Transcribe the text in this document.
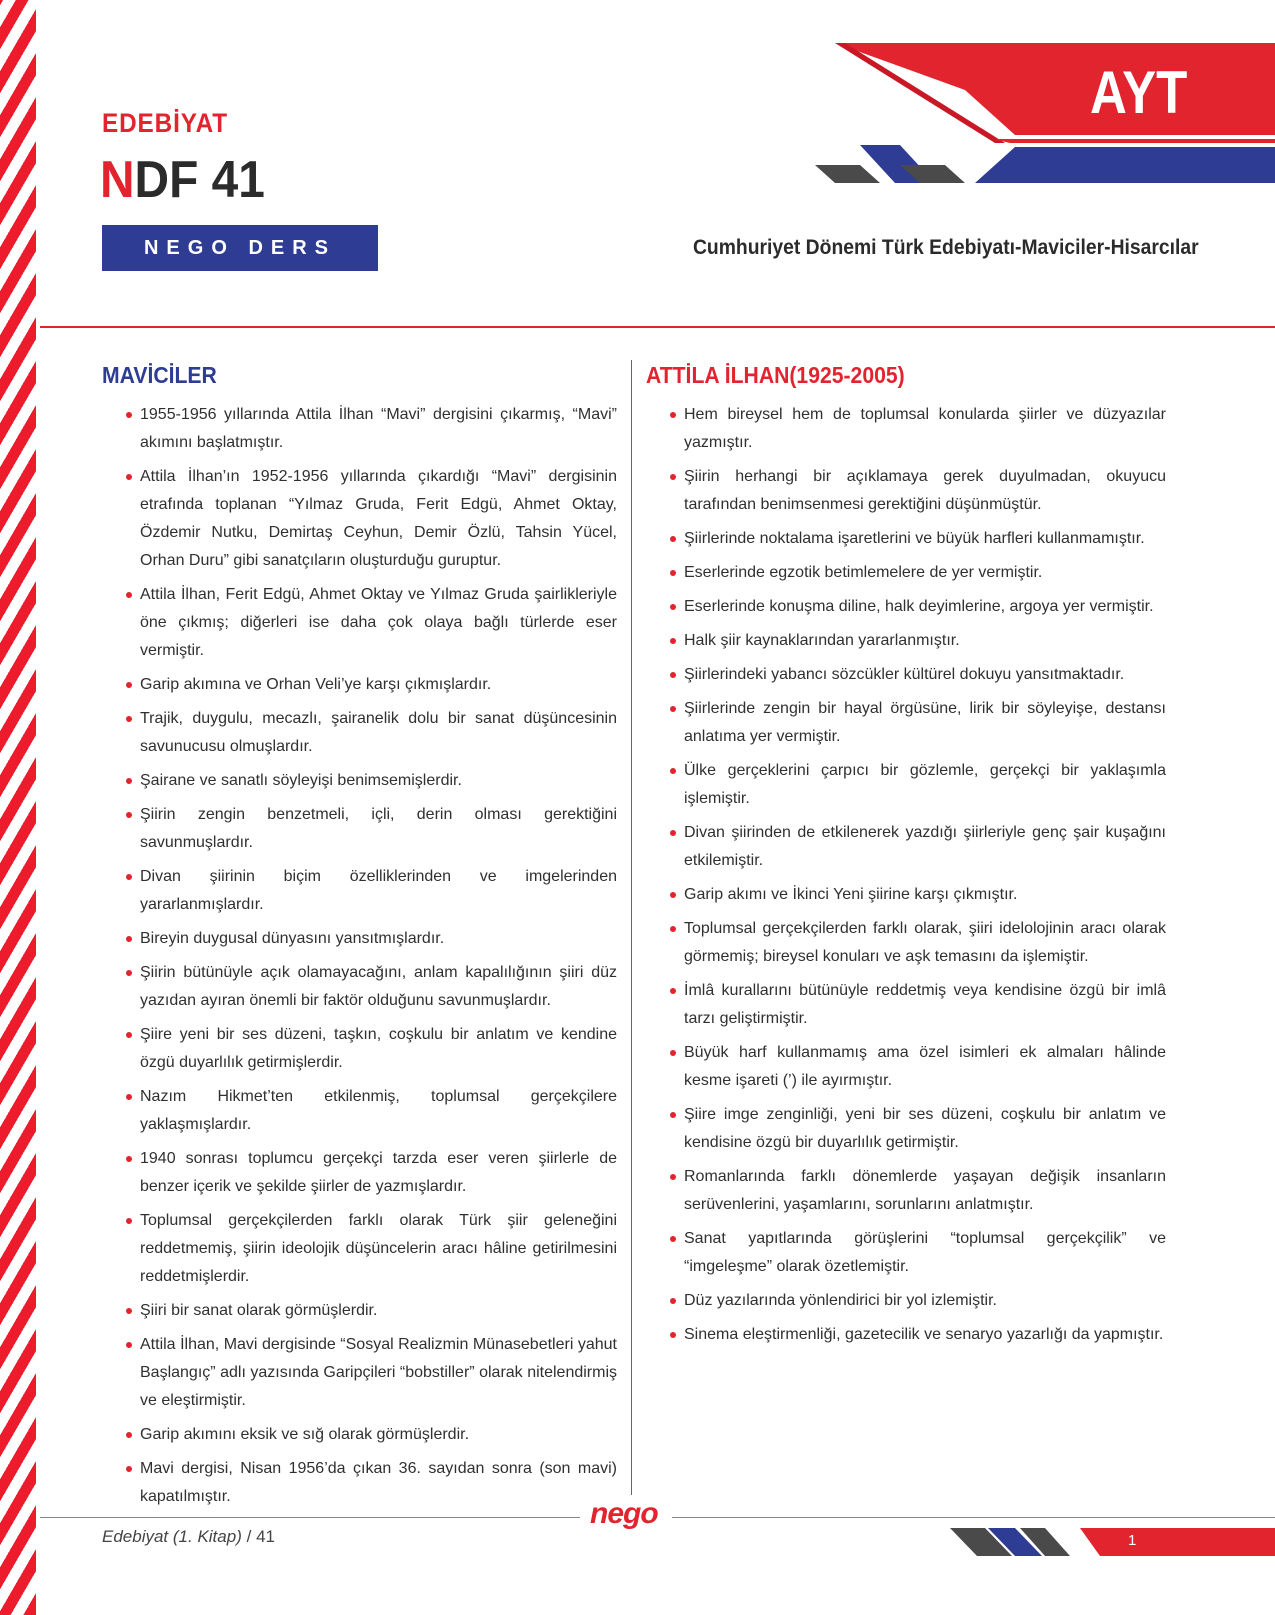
EDEBİYAT
NDF 41
NEGO DERS FÖYÜ
AYT
Cumhuriyet Dönemi Türk Edebiyatı-Maviciler-Hisarcılar
MAVİCİLER
1955-1956 yıllarında Attila İlhan “Mavi” dergisini çıkarmış, “Mavi” akımını başlatmıştır.
Attila İlhan’ın 1952-1956 yıllarında çıkardığı “Mavi” dergisinin etrafında toplanan “Yılmaz Gruda, Ferit Edgü, Ahmet Oktay, Özdemir Nutku, Demirtaş Ceyhun, Demir Özlü, Tahsin Yücel, Orhan Duru” gibi sanatçıların oluşturduğu guruptur.
Attila İlhan, Ferit Edgü, Ahmet Oktay ve Yılmaz Gruda şairlikleriyle öne çıkmış; diğerleri ise daha çok olaya bağlı türlerde eser vermiştir.
Garip akımına ve Orhan Veli’ye karşı çıkmışlardır.
Trajik, duygulu, mecazlı, şairanelik dolu bir sanat düşüncesinin savunucusu olmuşlardır.
Şairane ve sanatlı söyleyişi benimsemişlerdir.
Şiirin zengin benzetmeli, içli, derin olması gerektiğini savunmuşlardır.
Divan şiirinin biçim özelliklerinden ve imgelerinden yararlanmışlardır.
Bireyin duygusal dünyasını yansıtmışlardır.
Şiirin bütünüyle açık olamayacağını, anlam kapalılığının şiiri düz yazıdan ayıran önemli bir faktör olduğunu savunmuşlardır.
Şiire yeni bir ses düzeni, taşkın, coşkulu bir anlatım ve kendine özgü duyarlılık getirmişlerdir.
Nazım Hikmet’ten etkilenmiş, toplumsal gerçekçilere yaklaşmışlardır.
1940 sonrası toplumcu gerçekçi tarzda eser veren şiirlerle de benzer içerik ve şekilde şiirler de yazmışlardır.
Toplumsal gerçekçilerden farklı olarak Türk şiir geleneğini reddetmemiş, şiirin ideolojik düşüncelerin aracı hâline getirilmesini reddetmişlerdir.
Şiiri bir sanat olarak görmüşlerdir.
Attila İlhan, Mavi dergisinde “Sosyal Realizmin Münasebetleri yahut Başlangıç” adlı yazısında Garipçileri “bobstiller” olarak nitelendirmiş ve eleştirmiştir.
Garip akımını eksik ve sığ olarak görmüşlerdir.
Mavi dergisi, Nisan 1956’da çıkan 36. sayıdan sonra (son mavi) kapatılmıştır.
ATTİLA İLHAN(1925-2005)
Hem bireysel hem de toplumsal konularda şiirler ve düzyazılar yazmıştır.
Şiirin herhangi bir açıklamaya gerek duyulmadan, okuyucu tarafından benimsenmesi gerektiğini düşünmüştür.
Şiirlerinde noktalama işaretlerini ve büyük harfleri kullanmamıştır.
Eserlerinde egzotik betimlemelere de yer vermiştir.
Eserlerinde konuşma diline, halk deyimlerine, argoya yer vermiştir.
Halk şiir kaynaklarından yararlanmıştır.
Şiirlerindeki yabancı sözcükler kültürel dokuyu yansıtmaktadır.
Şiirlerinde zengin bir hayal örgüsüne, lirik bir söyleyişe, destansı anlatıma yer vermiştir.
Ülke gerçeklerini çarpıcı bir gözlemle, gerçekçi bir yaklaşımla işlemiştir.
Divan şiirinden de etkilenerek yazdığı şiirleriyle genç şair kuşağını etkilemiştir.
Garip akımı ve İkinci Yeni şiirine karşı çıkmıştır.
Toplumsal gerçekçilerden farklı olarak, şiiri idelolojinin aracı olarak görmemiş; bireysel konuları ve aşk temasını da işlemiştir.
İmlâ kurallarını bütünüyle reddetmiş veya kendisine özgü bir imlâ tarzı geliştirmiştir.
Büyük harf kullanmamış ama özel isimleri ek almaları hâlinde kesme işareti (’) ile ayırmıştır.
Şiire imge zenginliği, yeni bir ses düzeni, coşkulu bir anlatım ve kendisine özgü bir duyarlılık getirmiştir.
Romanlarında farklı dönemlerde yaşayan değişik insanların serüvenlerini, yaşamlarını, sorunlarını anlatmıştır.
Sanat yapıtlarında görüşlerini “toplumsal gerçekçilik” ve “imgeleşme” olarak özetlemiştir.
Düz yazılarında yönlendirici bir yol izlemiştir.
Sinema eleştirmenliği, gazetecilik ve senaryo yazarlığı da yapmıştır.
Edebiyat (1. Kitap) / 41
nego
1
